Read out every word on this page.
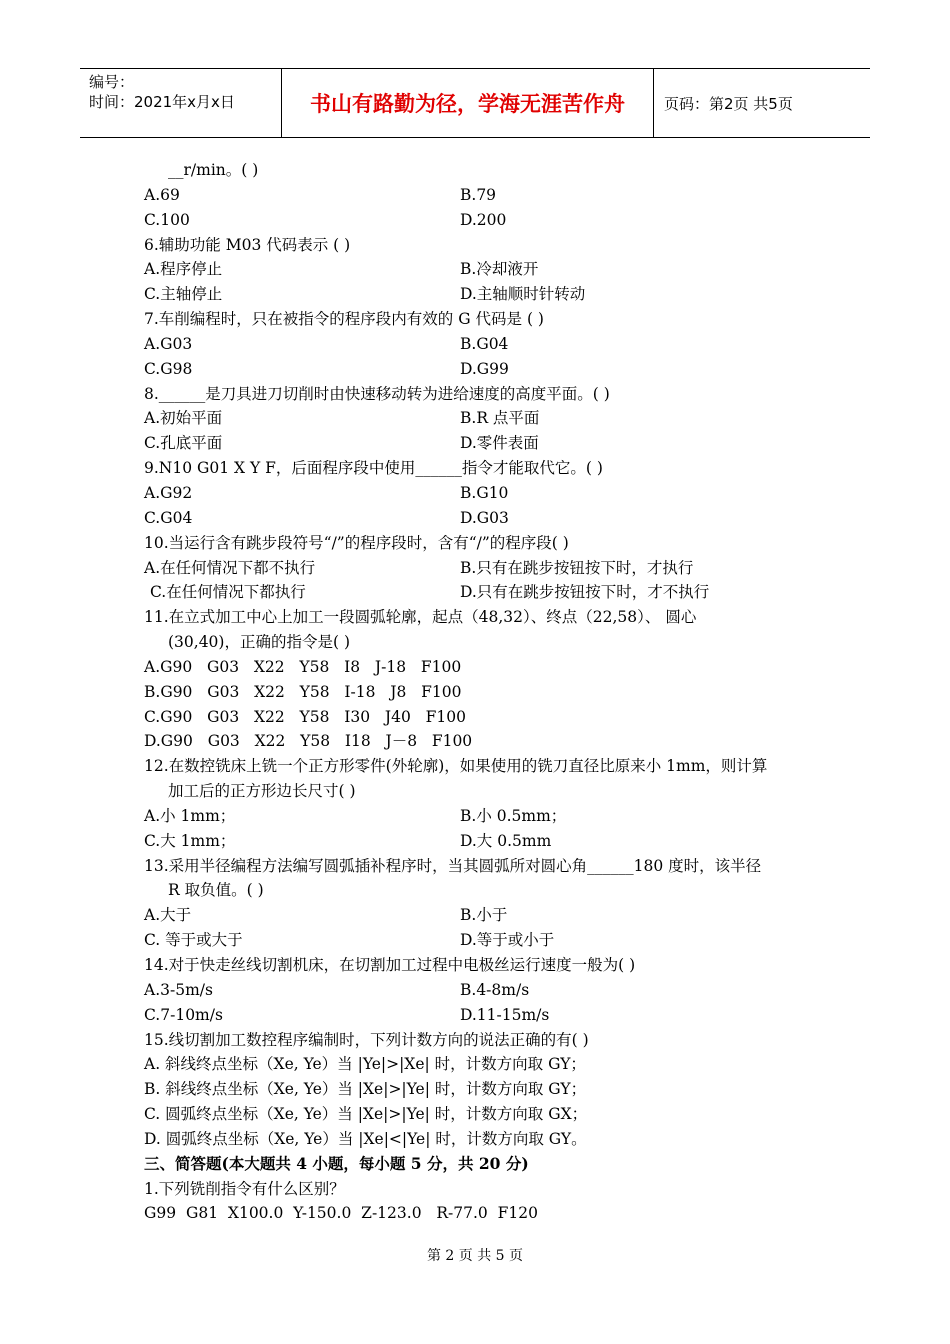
编号：
时间：2021年x月x日	书山有路勤为径，学海无涯苦作舟	页码：第2页 共5页
__r/min。( )
A.69	B.79
C.100	D.200
6.辅助功能 M03 代码表示 ( )
A.程序停止	B.冷却液开
C.主轴停止	D.主轴顺时针转动
7.车削编程时，只在被指令的程序段内有效的 G 代码是 ( )
A.G03	B.G04
C.G98	D.G99
8.______是刀具进刀切削时由快速移动转为进给速度的高度平面。( )
A.初始平面	B.R 点平面
C.孔底平面	D.零件表面
9.N10 G01 X Y F，后面程序段中使用______指令才能取代它。( )
A.G92	B.G10
C.G04	D.G03
10.当运行含有跳步段符号“/”的程序段时，含有“/”的程序段( )
A.在任何情况下都不执行	B.只有在跳步按钮按下时，才执行
C.在任何情况下都执行	D.只有在跳步按钮按下时，才不执行
11.在立式加工中心上加工一段圆弧轮廓，起点（48,32）、终点（22,58）、 圆心
(30,40)，正确的指令是( )
A.G90   G03   X22   Y58   I8   J-18   F100
B.G90   G03   X22   Y58   I-18   J8   F100
C.G90   G03   X22   Y58   I30   J40   F100
D.G90   G03   X22   Y58   I18   J－8   F100
12.在数控铣床上铣一个正方形零件(外轮廓)，如果使用的铣刀直径比原来小 1mm，则计算
加工后的正方形边长尺寸( )
A.小 1mm；	B.小 0.5mm；
C.大 1mm；	D.大 0.5mm
13.采用半径编程方法编写圆弧插补程序时，当其圆弧所对圆心角______180 度时，该半径
R 取负值。( )
A.大于	B.小于
C. 等于或大于	D.等于或小于
14.对于快走丝线切割机床，在切割加工过程中电极丝运行速度一般为( )
A.3-5m/s	B.4-8m/s
C.7-10m/s	D.11-15m/s
15.线切割加工数控程序编制时，下列计数方向的说法正确的有( )
A. 斜线终点坐标（Xe, Ye）当 |Ye|>|Xe| 时，计数方向取 GY；
B. 斜线终点坐标（Xe, Ye）当 |Xe|>|Ye| 时，计数方向取 GY；
C. 圆弧终点坐标（Xe, Ye）当 |Xe|>|Ye| 时，计数方向取 GX；
D. 圆弧终点坐标（Xe, Ye）当 |Xe|<|Ye| 时，计数方向取 GY。
三、简答题(本大题共 4 小题，每小题 5 分，共 20 分)
1.下列铣削指令有什么区别？
G99  G81  X100.0  Y-150.0  Z-123.0   R-77.0  F120
第 2 页 共 5 页
